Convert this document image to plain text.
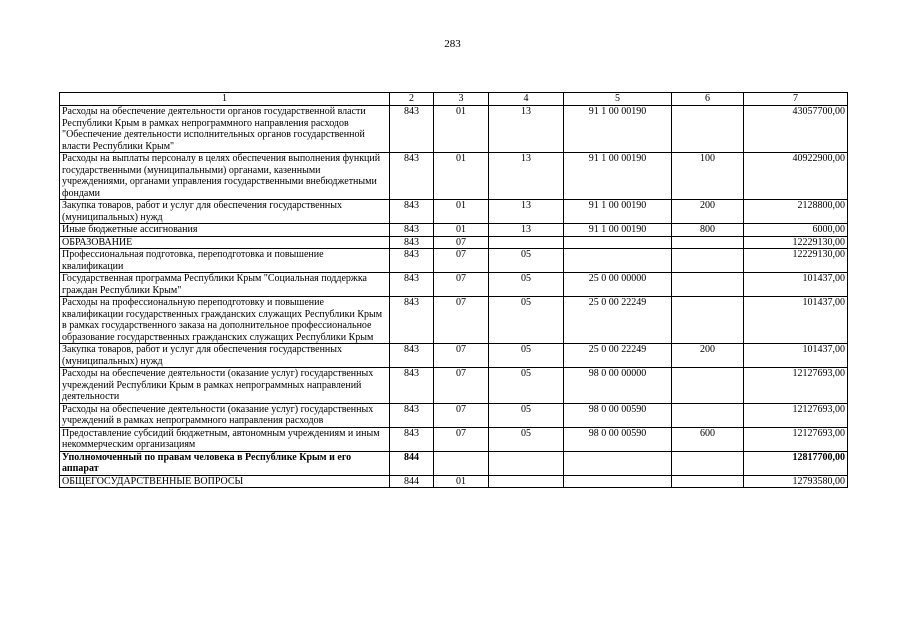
283
1	2	3	4	5	6	7
Расходы на обеспечение деятельности органов государственной власти Республики Крым в рамках непрограммного направления расходов "Обеспечение деятельности исполнительных органов государственной власти Республики Крым"	843	01	13	91 1 00 00190		43057700,00
Расходы на выплаты персоналу в целях обеспечения выполнения функций государственными (муниципальными) органами, казенными учреждениями, органами управления государственными внебюджетными фондами	843	01	13	91 1 00 00190	100	40922900,00
Закупка товаров, работ и услуг для обеспечения государственных (муниципальных) нужд	843	01	13	91 1 00 00190	200	2128800,00
Иные бюджетные ассигнования	843	01	13	91 1 00 00190	800	6000,00
ОБРАЗОВАНИЕ	843	07				12229130,00
Профессиональная подготовка, переподготовка и повышение квалификации	843	07	05			12229130,00
Государственная программа Республики Крым "Социальная поддержка граждан Республики Крым"	843	07	05	25 0 00 00000		101437,00
Расходы на профессиональную переподготовку и повышение квалификации государственных гражданских служащих Республики Крым в рамках государственного заказа на дополнительное профессиональное образование государственных гражданских служащих Республики Крым	843	07	05	25 0 00 22249		101437,00
Закупка товаров, работ и услуг для обеспечения государственных (муниципальных) нужд	843	07	05	25 0 00 22249	200	101437,00
Расходы на обеспечение деятельности (оказание услуг) государственных учреждений Республики Крым в рамках непрограммных направлений деятельности	843	07	05	98 0 00 00000		12127693,00
Расходы на обеспечение деятельности (оказание услуг) государственных учреждений в рамках непрограммного направления расходов	843	07	05	98 0 00 00590		12127693,00
Предоставление субсидий бюджетным, автономным учреждениям и иным некоммерческим организациям	843	07	05	98 0 00 00590	600	12127693,00
Уполномоченный по правам человека в Республике Крым и его аппарат	844					12817700,00
ОБЩЕГОСУДАРСТВЕННЫЕ ВОПРОСЫ	844	01				12793580,00
